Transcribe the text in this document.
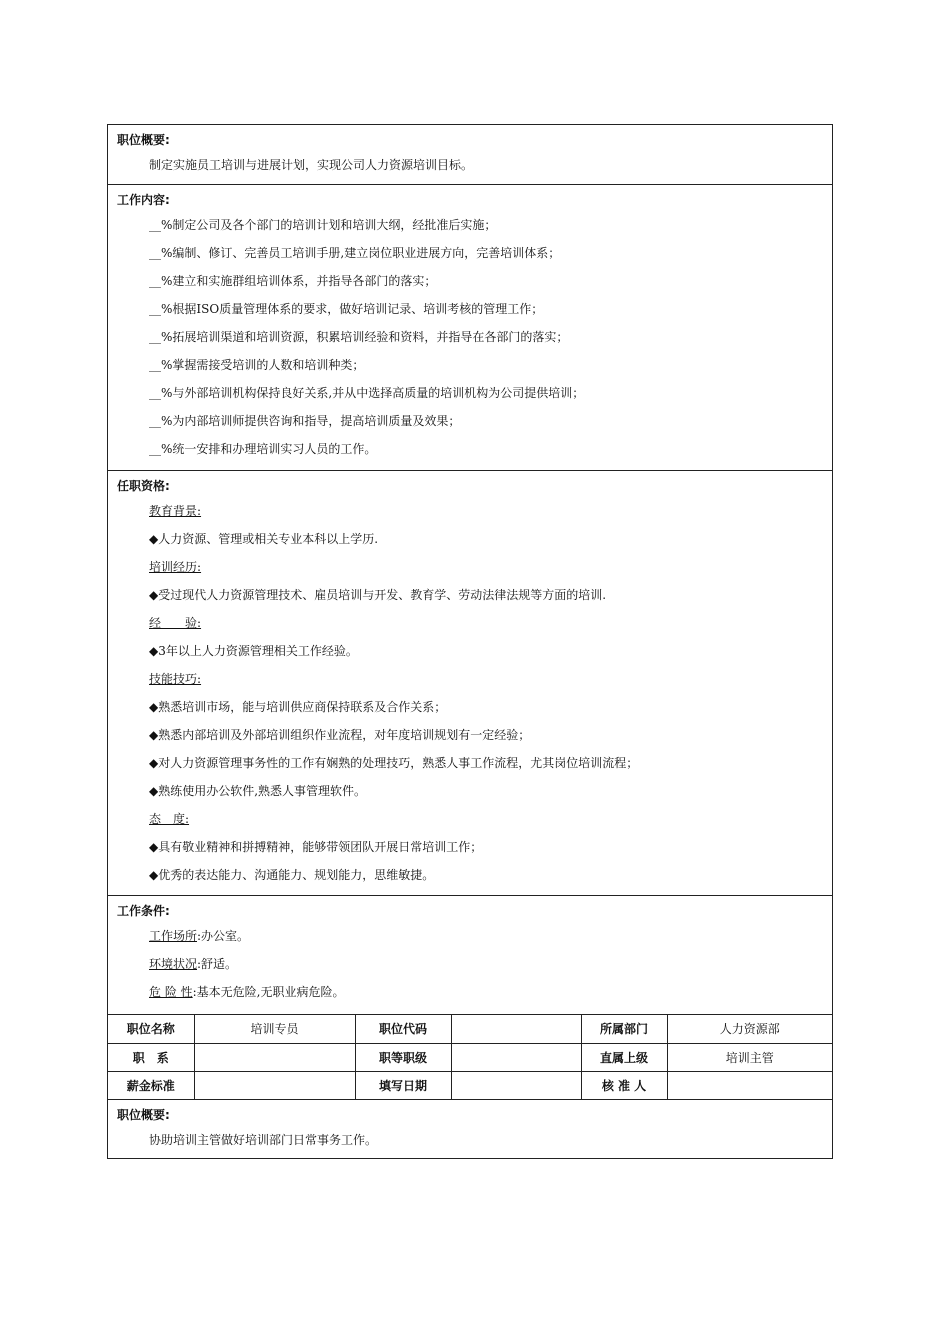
职位概要:
制定实施员工培训与进展计划，实现公司人力资源培训目标。
工作内容:
__%制定公司及各个部门的培训计划和培训大纲，经批准后实施；
__%编制、修订、完善员工培训手册,建立岗位职业进展方向，完善培训体系；
__%建立和实施群组培训体系，并指导各部门的落实；
__%根据ISO质量管理体系的要求，做好培训记录、培训考核的管理工作；
__%拓展培训渠道和培训资源，积累培训经验和资料，并指导在各部门的落实；
__%掌握需接受培训的人数和培训种类；
__%与外部培训机构保持良好关系,并从中选择高质量的培训机构为公司提供培训；
__%为内部培训师提供咨询和指导，提高培训质量及效果；
__%统一安排和办理培训实习人员的工作。
任职资格:
教育背景:
◆人力资源、管理或相关专业本科以上学历.
培训经历:
◆受过现代人力资源管理技术、雇员培训与开发、教育学、劳动法律法规等方面的培训.
经　　验:
◆3年以上人力资源管理相关工作经验。
技能技巧:
◆熟悉培训市场，能与培训供应商保持联系及合作关系；
◆熟悉内部培训及外部培训组织作业流程，对年度培训规划有一定经验；
◆对人力资源管理事务性的工作有娴熟的处理技巧，熟悉人事工作流程，尤其岗位培训流程；
◆熟练使用办公软件,熟悉人事管理软件。
态　度:
◆具有敬业精神和拼搏精神，能够带领团队开展日常培训工作；
◆优秀的表达能力、沟通能力、规划能力，思维敏捷。
工作条件:
工作场所:办公室。
环境状况:舒适。
危 险 性:基本无危险,无职业病危险。
职位名称	培训专员	职位代码		所属部门	人力资源部
职　系		职等职级		直属上级	培训主管
薪金标准		填写日期		核 准 人	
职位概要:
协助培训主管做好培训部门日常事务工作。
